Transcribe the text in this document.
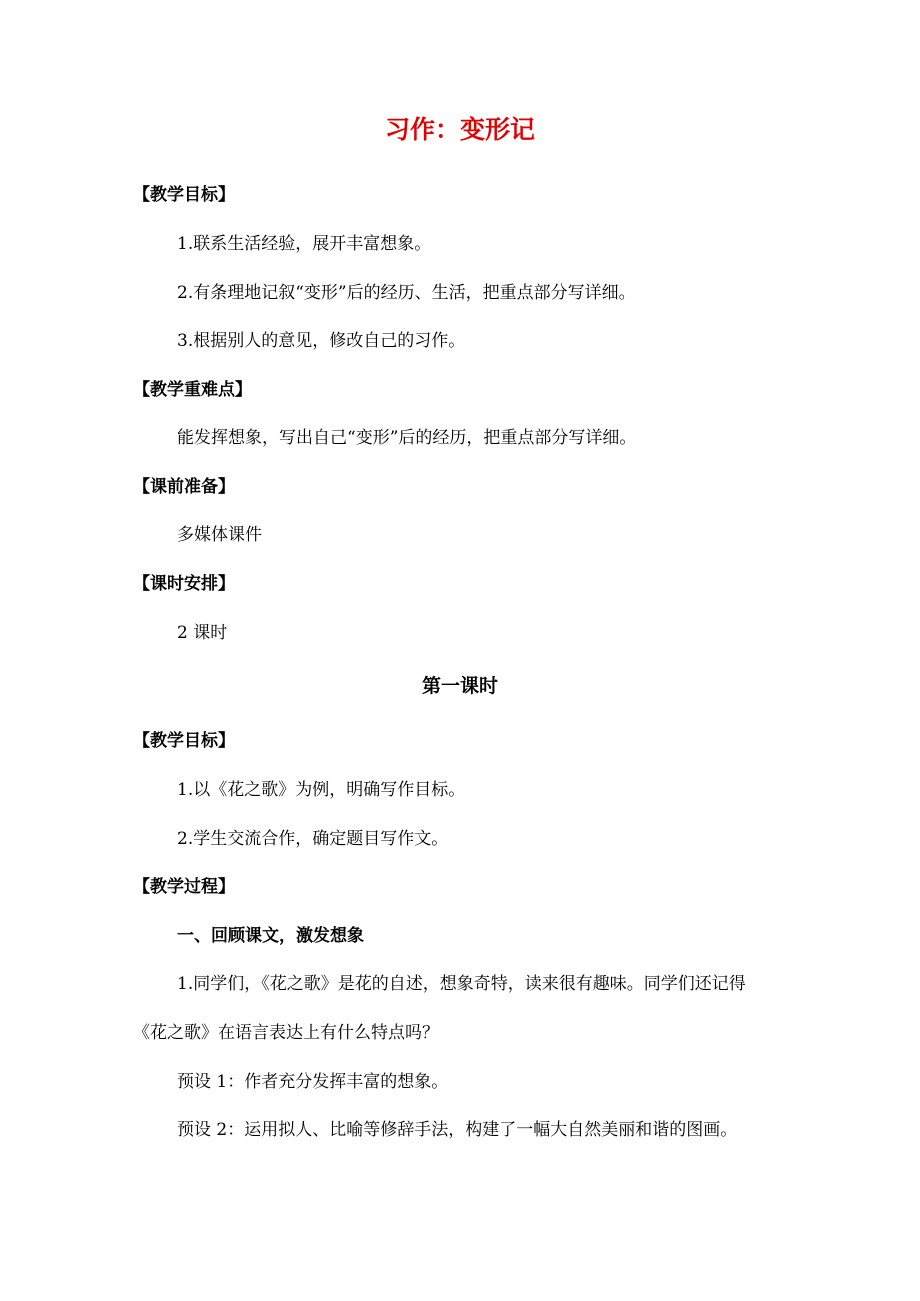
习作：变形记
【教学目标】
1.联系生活经验，展开丰富想象。
2.有条理地记叙“变形”后的经历、生活，把重点部分写详细。
3.根据别人的意见，修改自己的习作。
【教学重难点】
能发挥想象，写出自己“变形”后的经历，把重点部分写详细。
【课前准备】
多媒体课件
【课时安排】
2 课时
第一课时
【教学目标】
1.以《花之歌》为例，明确写作目标。
2.学生交流合作，确定题目写作文。
【教学过程】
一、回顾课文，激发想象
1.同学们，《花之歌》是花的自述，想象奇特，读来很有趣味。同学们还记得
《花之歌》在语言表达上有什么特点吗？
预设 1：作者充分发挥丰富的想象。
预设 2：运用拟人、比喻等修辞手法，构建了一幅大自然美丽和谐的图画。
